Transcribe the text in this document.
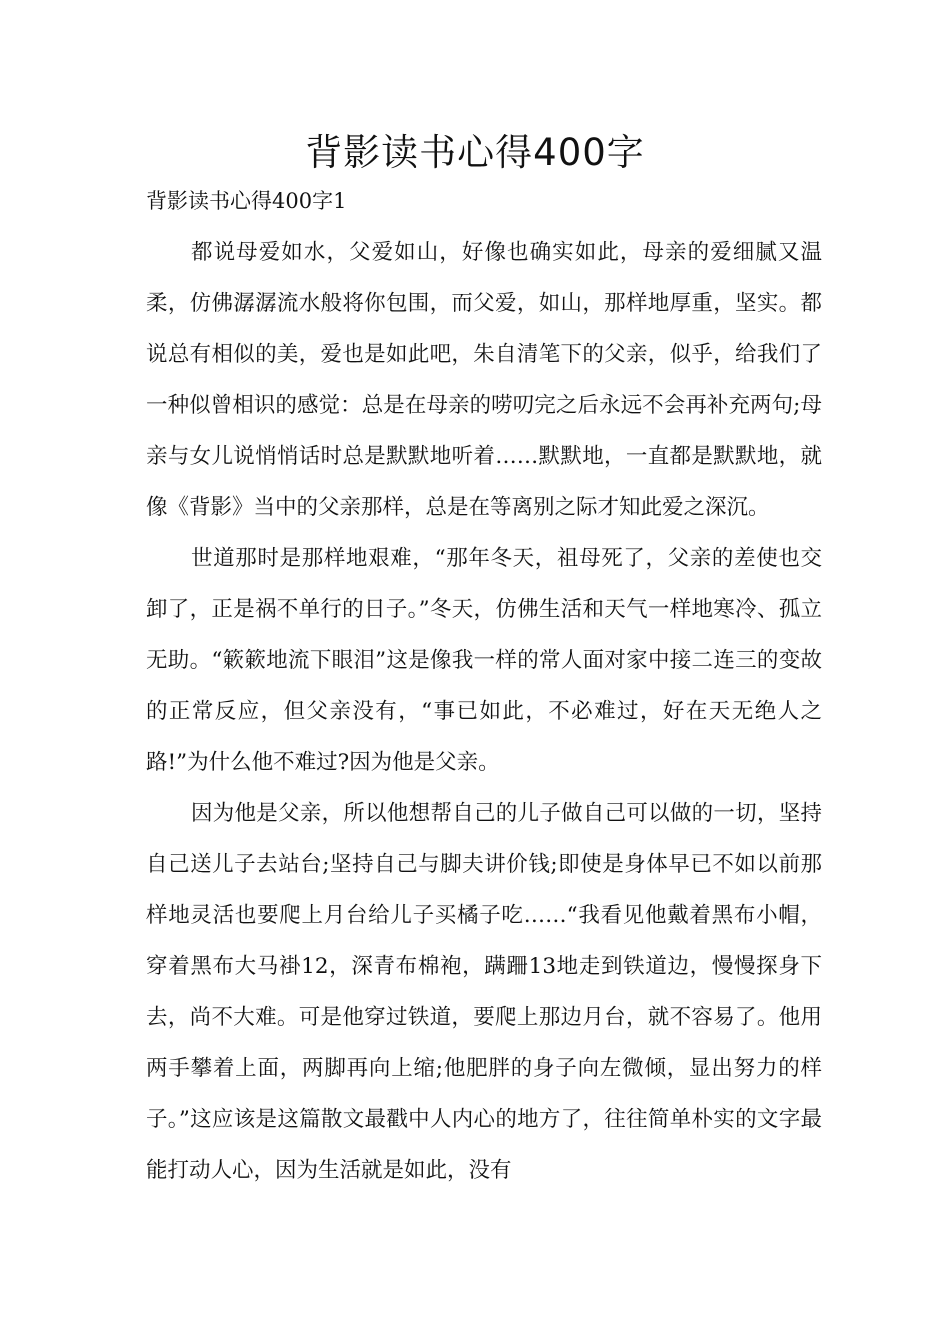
背影读书心得400字
背影读书心得400字1

都说母爱如水，父爱如山，好像也确实如此，母亲的爱细腻又温柔，仿佛潺潺流水般将你包围，而父爱，如山，那样地厚重，坚实。都说总有相似的美，爱也是如此吧，朱自清笔下的父亲，似乎，给我们了一种似曾相识的感觉：总是在母亲的唠叨完之后永远不会再补充两句;母亲与女儿说悄悄话时总是默默地听着……默默地，一直都是默默地，就像《背影》当中的父亲那样，总是在等离别之际才知此爱之深沉。

世道那时是那样地艰难，“那年冬天，祖母死了，父亲的差使也交卸了，正是祸不单行的日子。”冬天，仿佛生活和天气一样地寒冷、孤立无助。“簌簌地流下眼泪”这是像我一样的常人面对家中接二连三的变故的正常反应，但父亲没有，“事已如此，不必难过，好在天无绝人之路!”为什么他不难过?因为他是父亲。

因为他是父亲，所以他想帮自己的儿子做自己可以做的一切，坚持自己送儿子去站台;坚持自己与脚夫讲价钱;即使是身体早已不如以前那样地灵活也要爬上月台给儿子买橘子吃……“我看见他戴着黑布小帽，穿着黑布大马褂12，深青布棉袍，蹒跚13地走到铁道边，慢慢探身下去，尚不大难。可是他穿过铁道，要爬上那边月台，就不容易了。他用两手攀着上面，两脚再向上缩;他肥胖的身子向左微倾，显出努力的样子。”这应该是这篇散文最戳中人内心的地方了，往往简单朴实的文字最能打动人心，因为生活就是如此，没有
